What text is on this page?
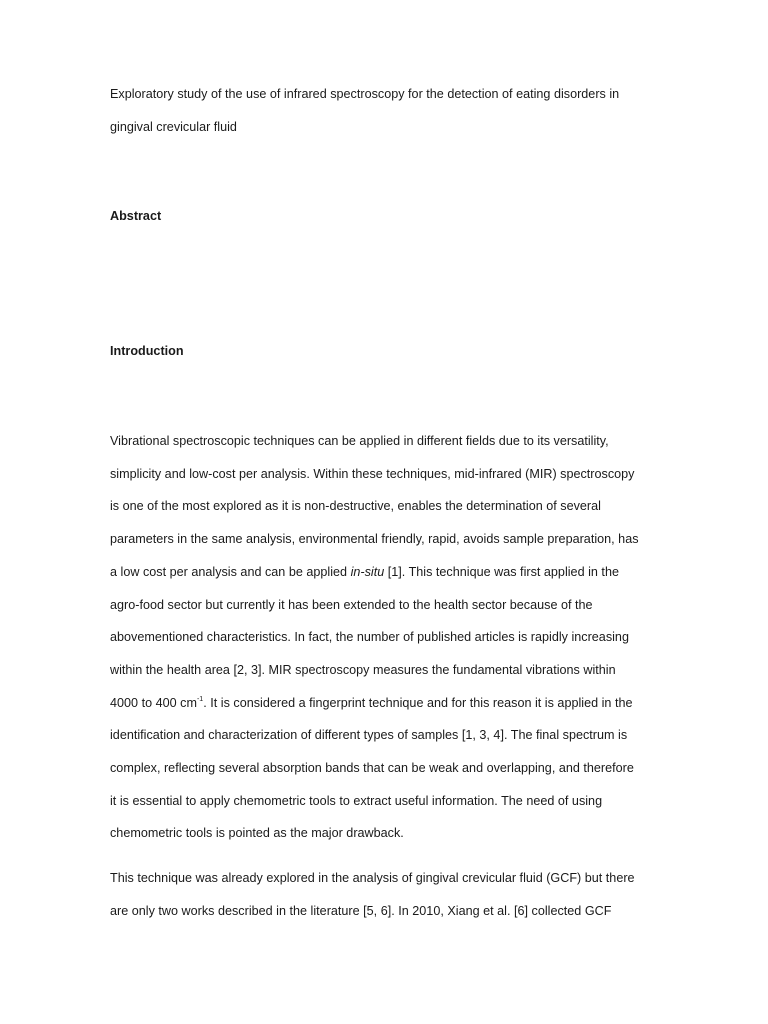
Exploratory study of the use of infrared spectroscopy for the detection of eating disorders in
gingival crevicular fluid
Abstract
Introduction
Vibrational spectroscopic techniques can be applied in different fields due to its versatility,
simplicity and low-cost per analysis. Within these techniques, mid-infrared (MIR) spectroscopy
is one of the most explored as it is non-destructive, enables the determination of several
parameters in the same analysis, environmental friendly, rapid, avoids sample preparation, has
a low cost per analysis and can be applied in-situ [1]. This technique was first applied in the
agro-food sector but currently it has been extended to the health sector because of the
abovementioned characteristics. In fact, the number of published articles is rapidly increasing
within the health area [2, 3]. MIR spectroscopy measures the fundamental vibrations within
4000 to 400 $cm^{-1}$. It is considered a fingerprint technique and for this reason it is applied in the
identification and characterization of different types of samples [1, 3, 4]. The final spectrum is
complex, reflecting several absorption bands that can be weak and overlapping, and therefore
it is essential to apply chemometric tools to extract useful information. The need of using
chemometric tools is pointed as the major drawback.
This technique was already explored in the analysis of gingival crevicular fluid (GCF) but there
are only two works described in the literature [5, 6]. In 2010, Xiang et al. [6] collected GCF
